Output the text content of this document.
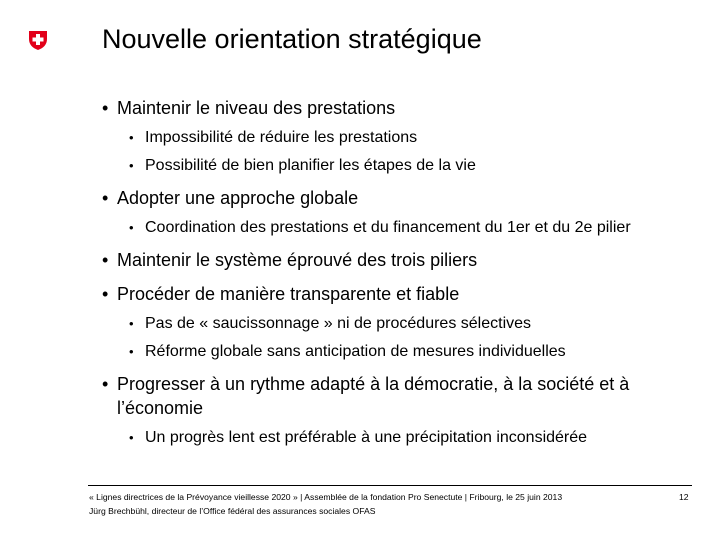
Nouvelle orientation stratégique
• Maintenir le niveau des prestations
• Impossibilité de réduire les prestations
• Possibilité de bien planifier les étapes de la vie
• Adopter une approche globale
• Coordination des prestations et du financement du 1er et du 2e pilier
• Maintenir le système éprouvé des trois piliers
• Procéder de manière transparente et fiable
• Pas de « saucissonnage » ni de procédures sélectives
• Réforme globale sans anticipation de mesures individuelles
• Progresser à un rythme adapté à la démocratie, à la société et à l’économie
• Un progrès lent est préférable à une précipitation inconsidérée
« Lignes directrices de la Prévoyance vieillesse 2020 » | Assemblée de la fondation Pro Senectute | Fribourg, le 25 juin 2013
Jürg Brechbühl, directeur de l’Office fédéral des assurances sociales OFAS
12
